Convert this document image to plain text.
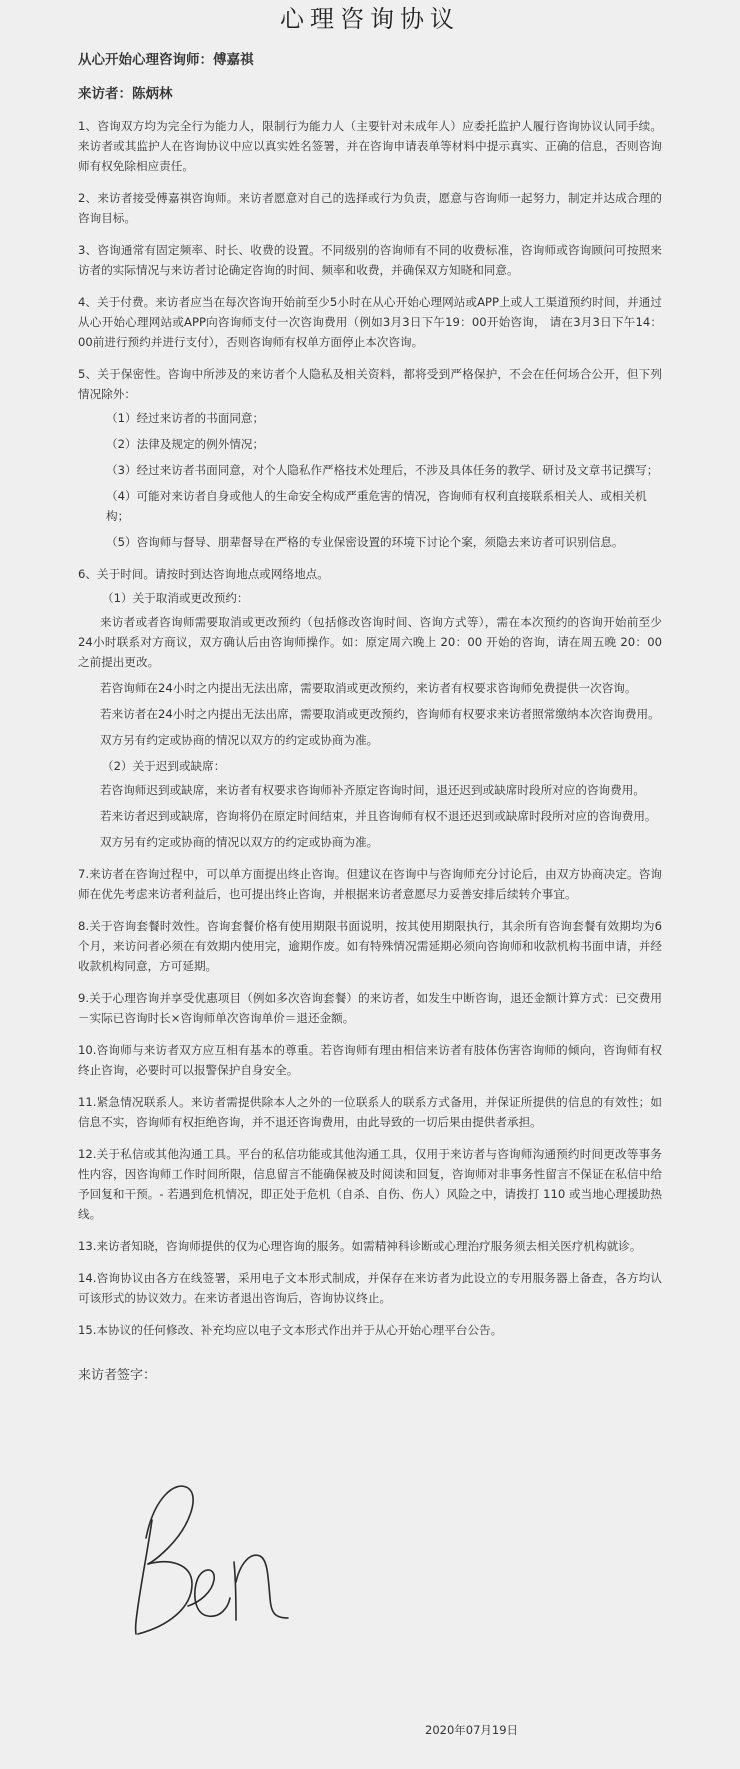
心理咨询协议
从心开始心理咨询师：傅嘉祺
来访者：陈炳林

1、咨询双方均为完全行为能力人，限制行为能力人（主要针对未成年人）应委托监护人履行咨询协议认同手续。来访者或其监护人在咨询协议中应以真实姓名签署，并在咨询申请表单等材料中提示真实、正确的信息，否则咨询师有权免除相应责任。

2、来访者接受傅嘉祺咨询师。来访者愿意对自己的选择或行为负责，愿意与咨询师一起努力，制定并达成合理的咨询目标。

3、咨询通常有固定频率、时长、收费的设置。不同级别的咨询师有不同的收费标准，咨询师或咨询顾问可按照来访者的实际情况与来访者讨论确定咨询的时间、频率和收费，并确保双方知晓和同意。

4、关于付费。来访者应当在每次咨询开始前至少5小时在从心开始心理网站或APP上或人工渠道预约时间，并通过从心开始心理网站或APP向咨询师支付一次咨询费用（例如3月3日下午19：00开始咨询， 请在3月3日下午14：00前进行预约并进行支付），否则咨询师有权单方面停止本次咨询。

5、关于保密性。咨询中所涉及的来访者个人隐私及相关资料，都将受到严格保护，不会在任何场合公开，但下列情况除外：

（1）经过来访者的书面同意；
（2）法律及规定的例外情况；
（3）经过来访者书面同意，对个人隐私作严格技术处理后，不涉及具体任务的教学、研讨及文章书记撰写；
（4）可能对来访者自身或他人的生命安全构成严重危害的情况，咨询师有权利直接联系相关人、或相关机构；
（5）咨询师与督导、朋辈督导在严格的专业保密设置的环境下讨论个案，须隐去来访者可识别信息。

6、关于时间。请按时到达咨询地点或网络地点。

（1）关于取消或更改预约：

来访者或者咨询师需要取消或更改预约（包括修改咨询时间、咨询方式等），需在本次预约的咨询开始前至少24小时联系对方商议，双方确认后由咨询师操作。如：原定周六晚上 20：00 开始的咨询，请在周五晚 20：00 之前提出更改。

若咨询师在24小时之内提出无法出席，需要取消或更改预约，来访者有权要求咨询师免费提供一次咨询。

若来访者在24小时之内提出无法出席，需要取消或更改预约，咨询师有权要求来访者照常缴纳本次咨询费用。

双方另有约定或协商的情况以双方的约定或协商为准。

（2）关于迟到或缺席：

若咨询师迟到或缺席，来访者有权要求咨询师补齐原定咨询时间，退还迟到或缺席时段所对应的咨询费用。

若来访者迟到或缺席，咨询将仍在原定时间结束，并且咨询师有权不退还迟到或缺席时段所对应的咨询费用。

双方另有约定或协商的情况以双方的约定或协商为准。

7.来访者在咨询过程中，可以单方面提出终止咨询。但建议在咨询中与咨询师充分讨论后，由双方协商决定。咨询师在优先考虑来访者利益后，也可提出终止咨询，并根据来访者意愿尽力妥善安排后续转介事宜。

8.关于咨询套餐时效性。咨询套餐价格有使用期限书面说明，按其使用期限执行，其余所有咨询套餐有效期均为6个月，来访问者必须在有效期内使用完，逾期作废。如有特殊情况需延期必须向咨询师和收款机构书面申请，并经收款机构同意，方可延期。

9.关于心理咨询并享受优惠项目（例如多次咨询套餐）的来访者，如发生中断咨询，退还金额计算方式：已交费用－实际已咨询时长×咨询师单次咨询单价＝退还金额。

10.咨询师与来访者双方应互相有基本的尊重。若咨询师有理由相信来访者有肢体伤害咨询师的倾向，咨询师有权终止咨询，必要时可以报警保护自身安全。

11.紧急情况联系人。来访者需提供除本人之外的一位联系人的联系方式备用，并保证所提供的信息的有效性；如信息不实，咨询师有权拒绝咨询，并不退还咨询费用，由此导致的一切后果由提供者承担。

12.关于私信或其他沟通工具。平台的私信功能或其他沟通工具，仅用于来访者与咨询师沟通预约时间更改等事务性内容，因咨询师工作时间所限，信息留言不能确保被及时阅读和回复，咨询师对非事务性留言不保证在私信中给予回复和干预。- 若遇到危机情况，即正处于危机（自杀、自伤、伤人）风险之中，请拨打 110 或当地心理援助热线。

13.来访者知晓，咨询师提供的仅为心理咨询的服务。如需精神科诊断或心理治疗服务须去相关医疗机构就诊。

14.咨询协议由各方在线签署，采用电子文本形式制成，并保存在来访者为此设立的专用服务器上备查，各方均认可该形式的协议效力。在来访者退出咨询后，咨询协议终止。

15.本协议的任何修改、补充均应以电子文本形式作出并于从心开始心理平台公告。

来访者签字：
2020年07月19日
